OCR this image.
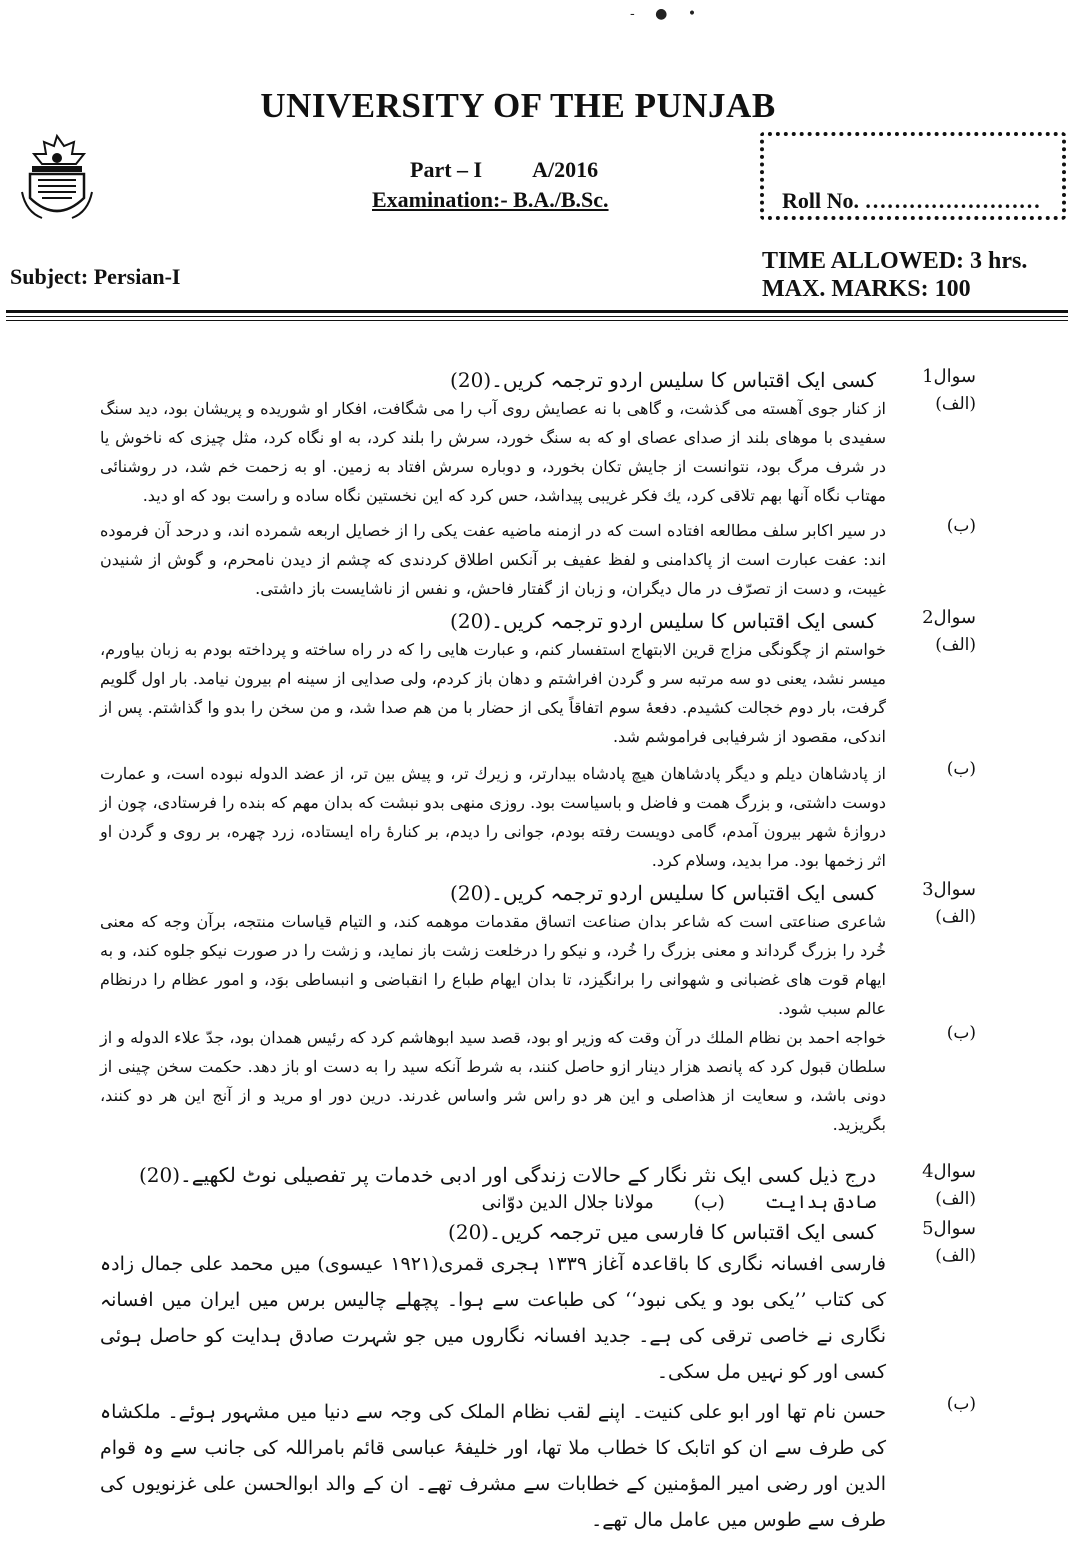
- ● •
UNIVERSITY OF THE PUNJAB
Part – I A/2016
Examination:- B.A./B.Sc.	Roll No. ……………………
Subject: Persian-I
TIME ALLOWED: 3 hrs.
MAX. MARKS: 100
سوال1
کسی ایک اقتباس کا سلیس اردو ترجمہ کریں۔(20)
(الف)
از کنار جوی آهسته می گذشت، و گاهی با نه عصایش روی آب را می شگافت، افکار او شوریده و پریشان بود، دید سنگ سفیدی با موهای بلند از صدای عصای او که به سنگ خورد، سرش را بلند کرد، به او نگاه کرد، مثل چیزی که ناخوش یا در شرف مرگ بود، نتوانست از جایش تکان بخورد، و دوباره سرش افتاد به زمین. او به زحمت خم شد، در روشنائی مهتاب نگاه آنها بهم تلاقی کرد، یك فکر غریبی پیداشد، حس کرد که این نخستین نگاه ساده و راست بود که او دید.
(ب)
در سیر اکابر سلف مطالعه افتاده است که در ازمنه ماضیه عفت یکی را از خصایل اربعه شمرده اند، و درحد آن فرموده اند: عفت عبارت است از پاکدامنی و لفظ عفیف بر آنکس اطلاق کردندی که چشم از دیدن نامحرم، و گوش از شنیدن غیبت، و دست از تصرّف در مال دیگران، و زبان از گفتار فاحش، و نفس از ناشایست باز داشتی.
سوال2
کسی ایک اقتباس کا سلیس اردو ترجمہ کریں۔(20)
(الف)
خواستم از چگونگی مزاج قرین الابتهاج استفسار کنم، و عبارت هایی را که در راه ساخته و پرداخته بودم به زبان بیاورم، میسر نشد، یعنی دو سه مرتبه سر و گردن افراشتم و دهان باز کردم، ولی صدایی از سینه ام بیرون نیامد. بار اول گلویم گرفت، بار دوم خجالت کشیدم. دفعهٔ سوم اتفاقاً یکی از حضار با من هم صدا شد، و من سخن را بدو وا گذاشتم. پس از اندکی، مقصود از شرفیابی فراموشم شد.
(ب)
از پادشاهان دیلم و دیگر پادشاهان هیچ پادشاه بیدارتر، و زیرك تر، و پیش بین تر، از عضد الدوله نبوده است، و عمارت دوست داشتی، و بزرگ همت و فاضل و باسیاست بود. روزی منهی بدو نبشت که بدان مهم که بنده را فرستادی، چون از دروازهٔ شهر بیرون آمدم، گامی دویست رفته بودم، جوانی را دیدم، بر کنارهٔ راه ایستاده، زرد چهره، بر روی و گردن او اثر زخمها بود. مرا بدید، وسلام کرد.
سوال3
کسی ایک اقتباس کا سلیس اردو ترجمہ کریں۔(20)
(الف)
شاعری صناعتی است که شاعر بدان صناعت اتساق مقدمات موهمه کند، و التیام قیاسات منتجه، برآن وجه که معنی خُرد را بزرگ گرداند و معنی بزرگ را خُرد، و نیکو را درخلعت زشت باز نماید، و زشت را در صورت نیکو جلوه کند، و به ایهام قوت های غضبانی و شهوانی را برانگیزد، تا بدان ایهام طباع را انقباضی و انبساطی بوَد، و امور عظام را درنظام عالم سبب شود.
(ب)
خواجه احمد بن نظام الملك در آن وقت که وزیر او بود، قصد سید ابوهاشم کرد که رئیس همدان بود، جدّ علاء الدوله و از سلطان قبول کرد که پانصد هزار دینار ازو حاصل کنند، به شرط آنکه سید را به دست او باز دهد. حکمت سخن چینی از دونی باشد، و سعایت از هذاصلی و این هر دو راس شر واساس غدرند. درین دور او مرید و از آنج این هر دو کنند، بگریزید.
سوال4
درج ذیل کسی ایک نثر نگار کے حالات زندگی اور ادبی خدمات پر تفصیلی نوٹ لکھیے۔(20)
(الف)
صادق ہدایت(ب)مولانا جلال الدین دوّانی
سوال5
کسی ایک اقتباس کا فارسی میں ترجمہ کریں۔(20)
(الف)
فارسی افسانہ نگاری کا باقاعدہ آغاز ۱۳۳۹ ہجری قمری(۱۹۲۱ عیسوی) میں محمد علی جمال زادہ کی کتاب ’’یکی بود و یکی نبود‘‘ کی طباعت سے ہوا۔ پچھلے چالیس برس میں ایران میں افسانہ نگاری نے خاصی ترقی کی ہے۔ جدید افسانہ نگاروں میں جو شہرت صادق ہدایت کو حاصل ہوئی کسی اور کو نہیں مل سکی۔
(ب)
حسن نام تھا اور ابو علی کنیت۔ اپنے لقب نظام الملک کی وجہ سے دنیا میں مشہور ہوئے۔ ملکشاہ کی طرف سے ان کو اتابک کا خطاب ملا تھا، اور خلیفۂ عباسی قائم بامراللہ کی جانب سے وہ قوام الدین اور رضی امیر المؤمنین کے خطابات سے مشرف تھے۔ ان کے والد ابوالحسن علی غزنویوں کی طرف سے طوس میں عامل مال تھے۔
